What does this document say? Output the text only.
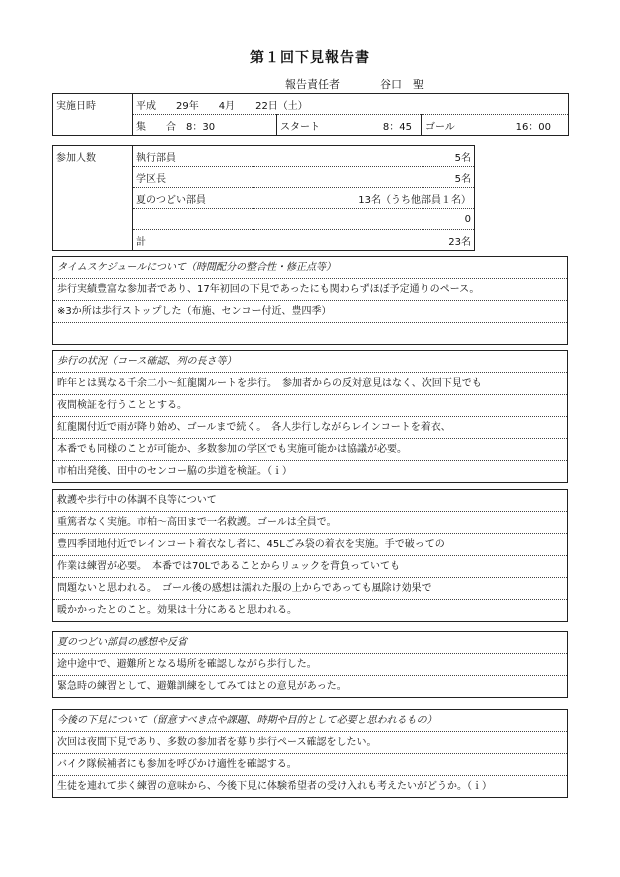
第１回下見報告書
報告責任者	谷口　聖
実施日時	平成　　29年　　4月　　22日（土）		
	集　　合　 8：30	スタート 8：45	ゴール 16：00
参加人数	執行部員		5名	
	学区長		5名	
	夏のつどい部員	13名（うち他部員１名）		
			0	
	計		23名	
タイムスケジュールについて（時間配分の整合性・修正点等）
歩行実績豊富な参加者であり、17年初回の下見であったにも関わらずほぼ予定通りのペース。
※3か所は歩行ストップした（布施、センコー付近、豊四季）
歩行の状況（コース確認、列の長さ等）
昨年とは異なる千余二小～紅龍閣ルートを歩行。　参加者からの反対意見はなく、次回下見でも
夜間検証を行うこととする。
紅龍閣付近で雨が降り始め、ゴールまで続く。　各人歩行しながらレインコートを着衣、
本番でも同様のことが可能か、多数参加の学区でも実施可能かは協議が必要。
市柏出発後、田中のセンコー脇の歩道を検証。（ｉ）
救護や歩行中の体調不良等について
重篤者なく実施。市柏～高田まで一名救護。ゴールは全員で。
豊四季団地付近でレインコート着衣なし者に、45Lごみ袋の着衣を実施。手で破っての
作業は練習が必要。　本番では70Lであることからリュックを背負っていても
問題ないと思われる。　ゴール後の感想は濡れた服の上からであっても風除け効果で
暖かかったとのこと。効果は十分にあると思われる。
夏のつどい部員の感想や反省
途中途中で、避難所となる場所を確認しながら歩行した。
緊急時の練習として、避難訓練をしてみてはとの意見があった。
今後の下見について（留意すべき点や課題、時期や目的として必要と思われるもの）
次回は夜間下見であり、多数の参加者を募り歩行ペース確認をしたい。
バイク隊候補者にも参加を呼びかけ適性を確認する。
生徒を連れて歩く練習の意味から、今後下見に体験希望者の受け入れも考えたいがどうか。（ｉ）
